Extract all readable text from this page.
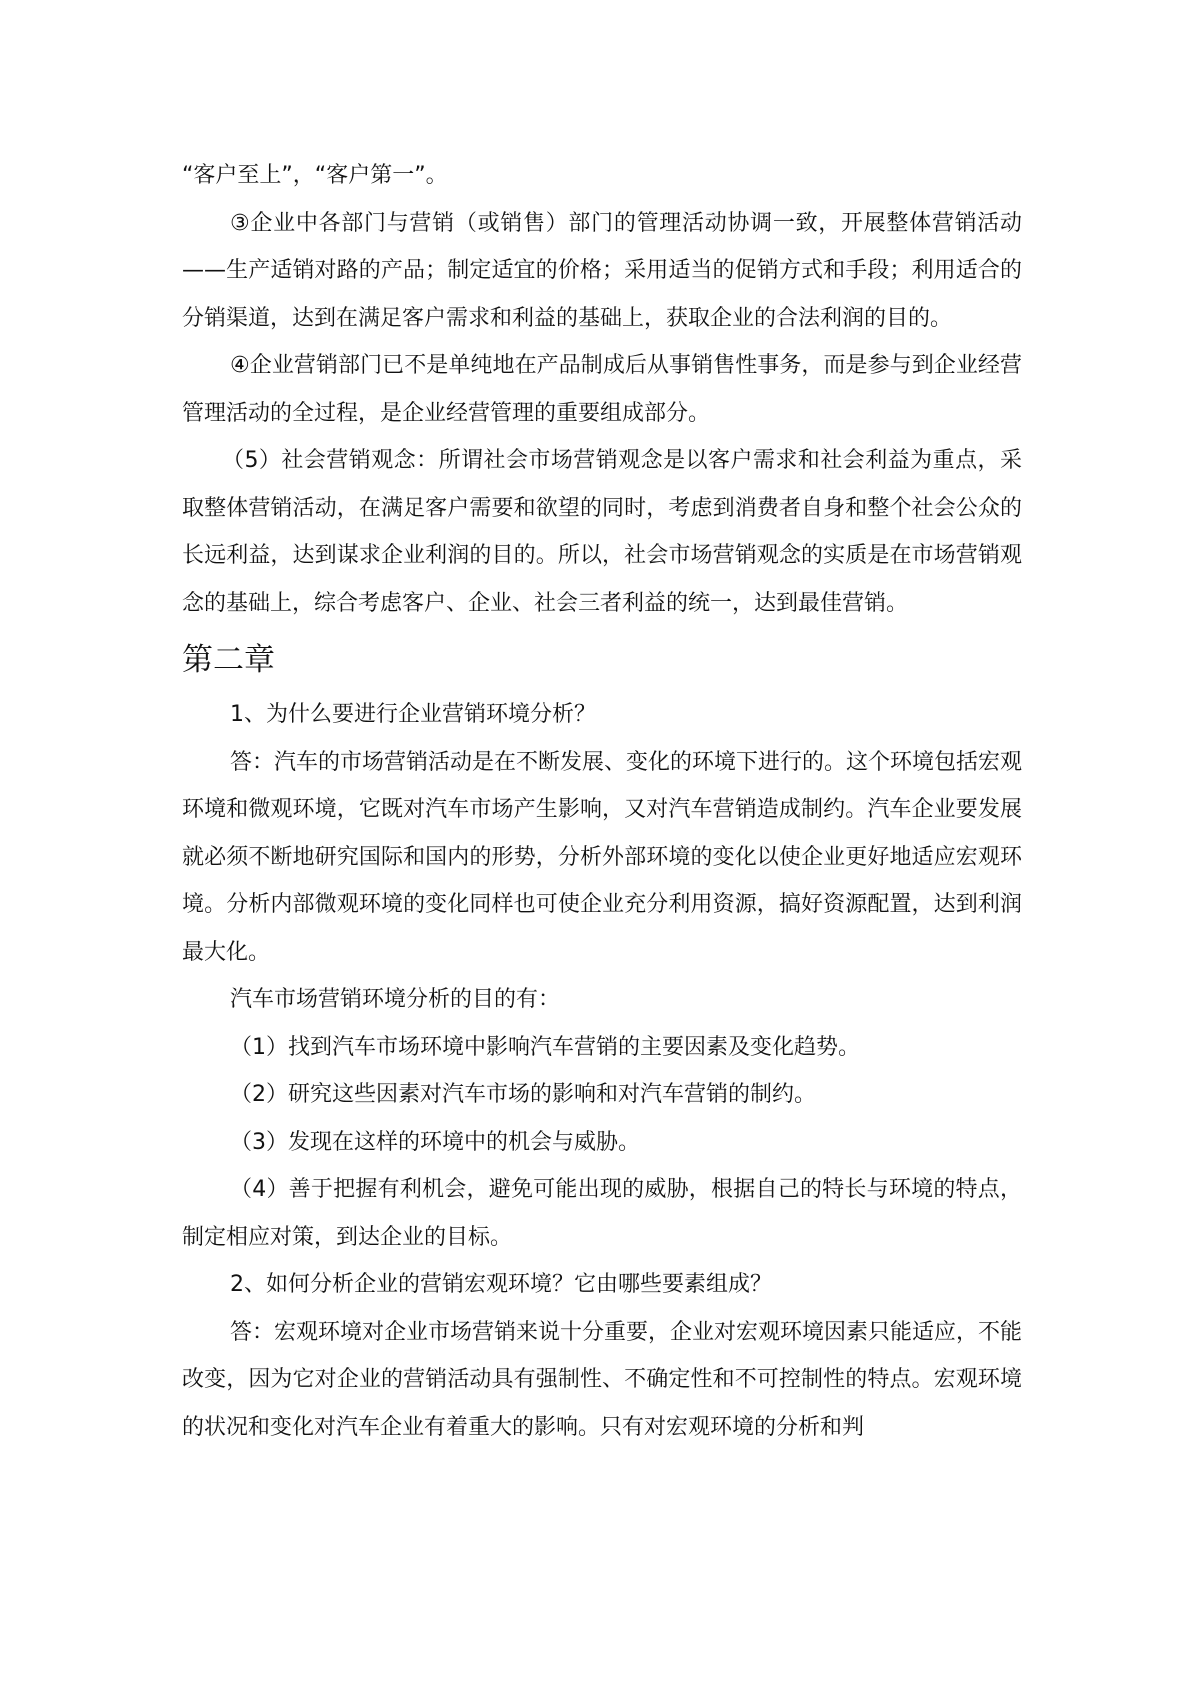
“客户至上”，“客户第一”。

③企业中各部门与营销（或销售）部门的管理活动协调一致，开展整体营销活动——生产适销对路的产品；制定适宜的价格；采用适当的促销方式和手段；利用适合的分销渠道，达到在满足客户需求和利益的基础上，获取企业的合法利润的目的。

④企业营销部门已不是单纯地在产品制成后从事销售性事务，而是参与到企业经营管理活动的全过程，是企业经营管理的重要组成部分。

（5）社会营销观念：所谓社会市场营销观念是以客户需求和社会利益为重点，采取整体营销活动，在满足客户需要和欲望的同时，考虑到消费者自身和整个社会公众的长远利益，达到谋求企业利润的目的。所以，社会市场营销观念的实质是在市场营销观念的基础上，综合考虑客户、企业、社会三者利益的统一，达到最佳营销。

第二章

1、为什么要进行企业营销环境分析？

答：汽车的市场营销活动是在不断发展、变化的环境下进行的。这个环境包括宏观环境和微观环境，它既对汽车市场产生影响，又对汽车营销造成制约。汽车企业要发展就必须不断地研究国际和国内的形势，分析外部环境的变化以使企业更好地适应宏观环境。分析内部微观环境的变化同样也可使企业充分利用资源，搞好资源配置，达到利润最大化。

汽车市场营销环境分析的目的有：

（1）找到汽车市场环境中影响汽车营销的主要因素及变化趋势。

（2）研究这些因素对汽车市场的影响和对汽车营销的制约。

（3）发现在这样的环境中的机会与威胁。

（4）善于把握有利机会，避免可能出现的威胁，根据自己的特长与环境的特点，制定相应对策，到达企业的目标。

2、如何分析企业的营销宏观环境？它由哪些要素组成？

答：宏观环境对企业市场营销来说十分重要，企业对宏观环境因素只能适应，不能改变，因为它对企业的营销活动具有强制性、不确定性和不可控制性的特点。宏观环境的状况和变化对汽车企业有着重大的影响。只有对宏观环境的分析和判
